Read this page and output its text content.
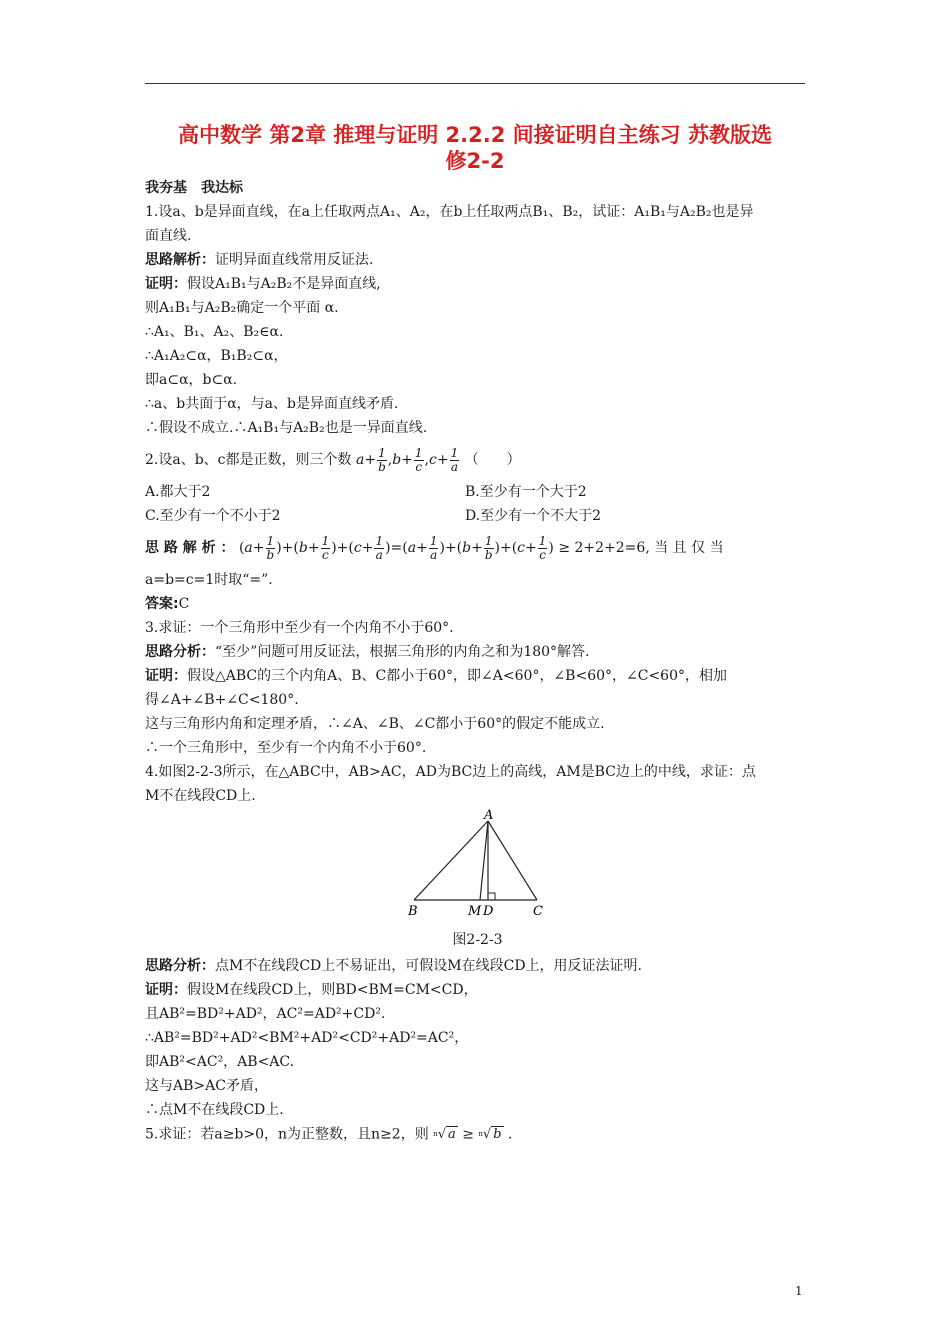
高中数学 第2章 推理与证明 2.2.2 间接证明自主练习 苏教版选
修2-2
我夯基　我达标
1.设a、b是异面直线，在a上任取两点A₁、A₂，在b上任取两点B₁、B₂，试证：A₁B₁与A₂B₂也是异
面直线.
思路解析：证明异面直线常用反证法.
证明：假设A₁B₁与A₂B₂不是异面直线,
则A₁B₁与A₂B₂确定一个平面 α.
∴A₁、B₁、A₂、B₂∈α.
∴A₁A₂⊂α，B₁B₂⊂α，
即a⊂α，b⊂α.
∴a、b共面于α，与a、b是异面直线矛盾.
∴假设不成立.∴A₁B₁与A₂B₂也是一异面直线.
2.设a、b、c都是正数，则三个数 $a+ \frac{1}{b} ,b+ \frac{1}{c} ,c+ \frac{1}{a}$ （　　）
A.都大于2	B.至少有一个大于2
C.至少有一个不小于2	D.至少有一个不大于2
思 路 解 析 ： $(a+ \frac{1}{b} )+(b+ \frac{1}{c} )+(c+ \frac{1}{a} )=(a+ \frac{1}{a} )+(b+ \frac{1}{b} )+(c+ \frac{1}{c}$ ) ≥ 2+2+2=6, 当 且 仅 当
a=b=c=1时取“=”.
答案:C
3.求证：一个三角形中至少有一个内角不小于60°.
思路分析：“至少”问题可用反证法，根据三角形的内角之和为180°解答.
证明：假设△ABC的三个内角A、B、C都小于60°，即∠A<60°，∠B<60°，∠C<60°，相加
得∠A+∠B+∠C<180°.
这与三角形内角和定理矛盾，∴∠A、∠B、∠C都小于60°的假定不能成立.
∴一个三角形中，至少有一个内角不小于60°.
4.如图2-2-3所示，在△ABC中，AB>AC，AD为BC边上的高线，AM是BC边上的中线，求证：点
M不在线段CD上.
A
B	M D	C
图2-2-3
思路分析：点M不在线段CD上不易证出，可假设M在线段CD上，用反证法证明.
证明：假设M在线段CD上，则BD<BM=CM<CD，
且AB²=BD²+AD²，AC²=AD²+CD².
∴AB²=BD²+AD²<BM²+AD²<CD²+AD²=AC²，
即AB²<AC²，AB<AC.
这与AB>AC矛盾，
∴点M不在线段CD上.
5.求证：若a≥b>0，n为正整数，且n≥2，则 n√ a ≥ n√ b .
1
